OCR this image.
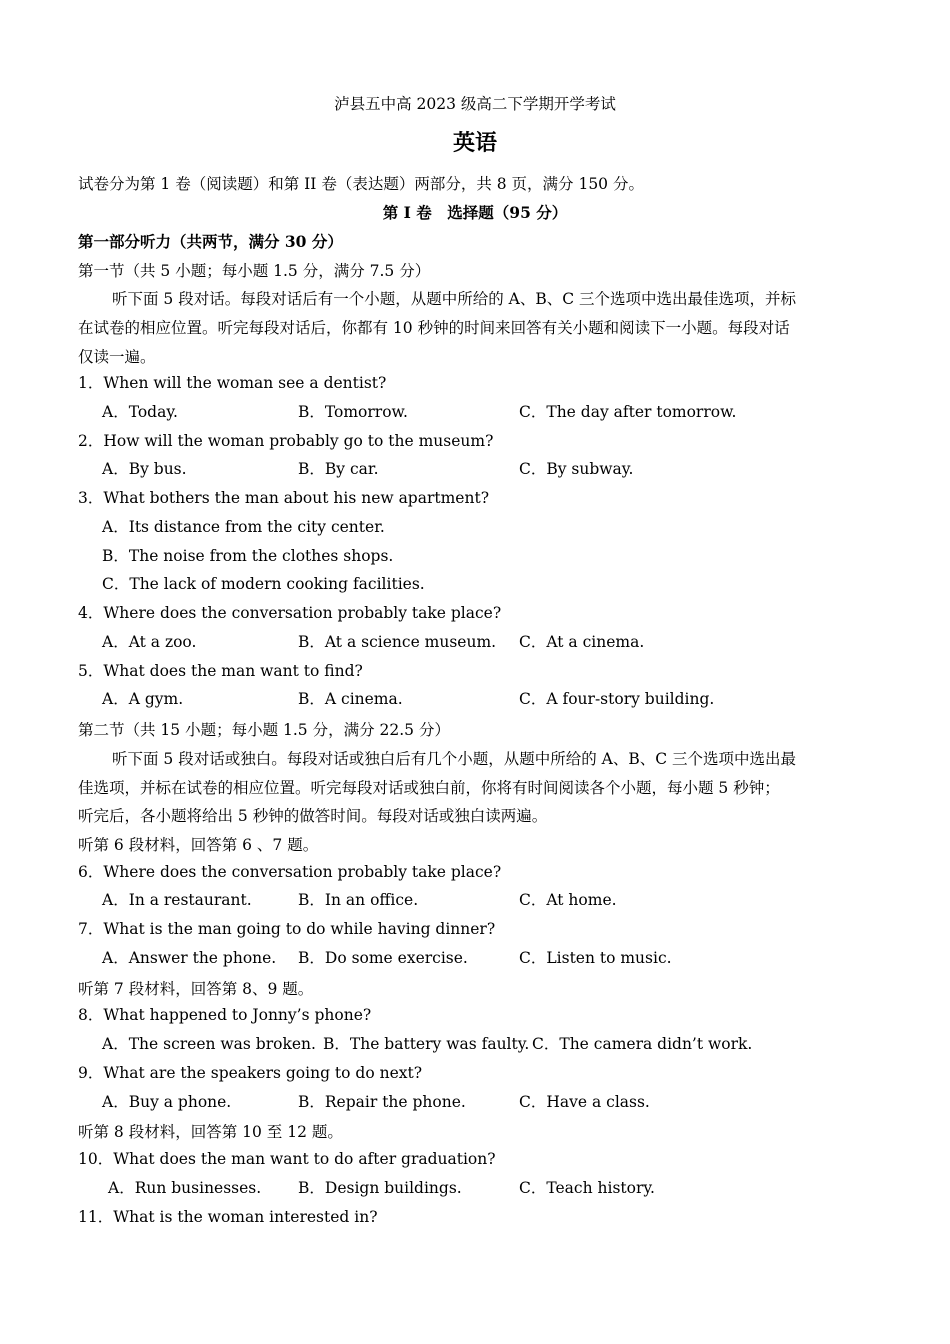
泸县五中高 2023 级高二下学期开学考试
英语
试卷分为第 1 卷（阅读题）和第 II 卷（表达题）两部分，共 8 页，满分 150 分。
第 I 卷　选择题（95 分）
第一部分听力（共两节，满分 30 分）
第一节（共 5 小题；每小题 1.5 分，满分 7.5 分）
听下面 5 段对话。每段对话后有一个小题，从题中所给的 A、B、C 三个选项中选出最佳选项，并标
在试卷的相应位置。听完每段对话后，你都有 10 秒钟的时间来回答有关小题和阅读下一小题。每段对话
仅读一遍。
1．When will the woman see a dentist?
A．Today.	B．Tomorrow.	C．The day after tomorrow.
2．How will the woman probably go to the museum?
A．By bus.	B．By car.	C．By subway.
3．What bothers the man about his new apartment?
A．Its distance from the city center.
B．The noise from the clothes shops.
C．The lack of modern cooking facilities.
4．Where does the conversation probably take place?
A．At a zoo.	B．At a science museum. C．At a cinema.
5．What does the man want to find?
A．A gym.	B．A cinema.	C．A four-story building.
第二节（共 15 小题；每小题 1.5 分，满分 22.5 分）
听下面 5 段对话或独白。每段对话或独白后有几个小题，从题中所给的 A、B、C 三个选项中选出最
佳选项，并标在试卷的相应位置。听完每段对话或独白前，你将有时间阅读各个小题，每小题 5 秒钟；
听完后，各小题将给出 5 秒钟的做答时间。每段对话或独白读两遍。
听第 6 段材料，回答第 6 、7 题。
6．Where does the conversation probably take place?
A．In a restaurant.	B．In an office.	C．At home.
7．What is the man going to do while having dinner?
A．Answer the phone. B．Do some exercise.	C．Listen to music.
听第 7 段材料，回答第 8、9 题。
8．What happened to Jonny’s phone?
A．The screen was broken. B．The battery was faulty. C．The camera didn’t work.
9．What are the speakers going to do next?
A．Buy a phone.	B．Repair the phone.	C．Have a class.
听第 8 段材料，回答第 10 至 12 题。
10．What does the man want to do after graduation?
A．Run businesses. B．Design buildings.	C．Teach history.
11．What is the woman interested in?
